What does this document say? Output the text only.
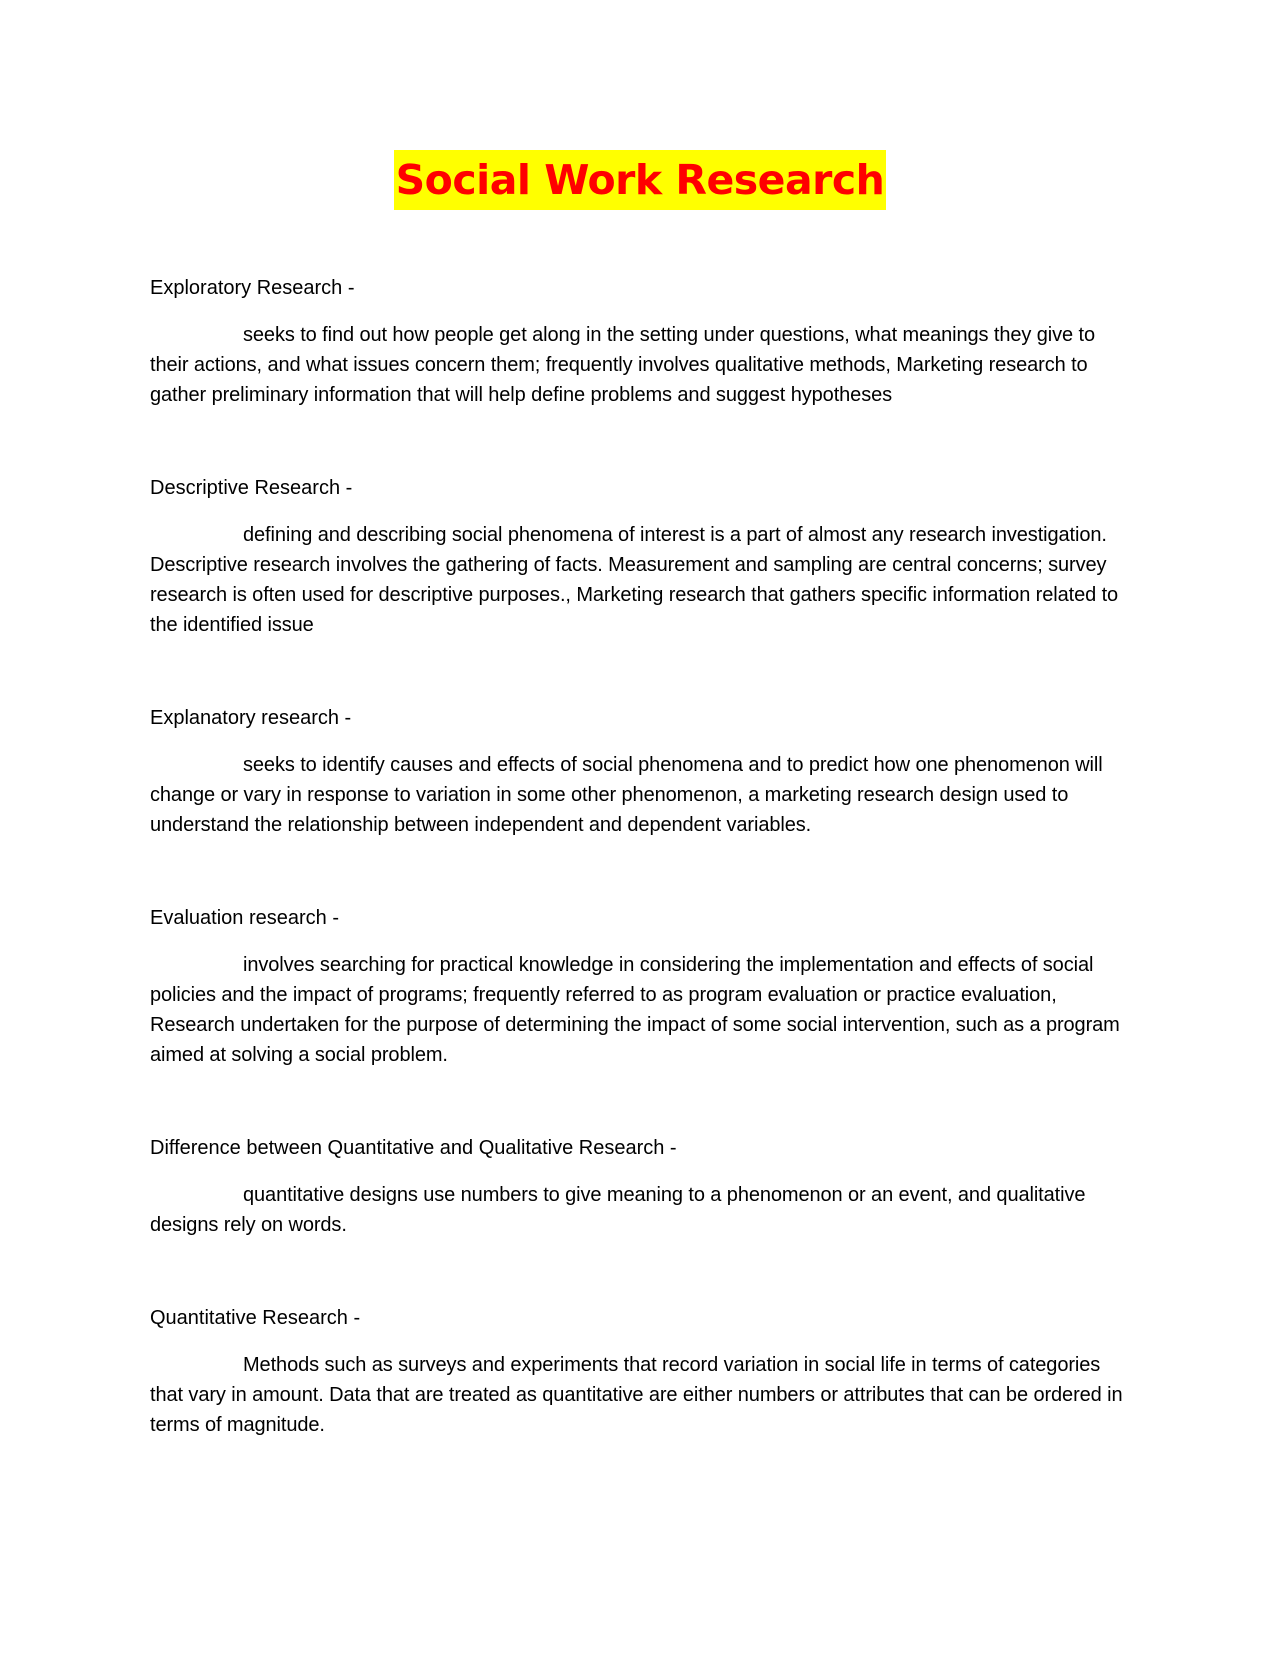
Social Work Research

Exploratory Research -

seeks to find out how people get along in the setting under questions, what meanings they give to their actions, and what issues concern them; frequently involves qualitative methods, Marketing research to gather preliminary information that will help define problems and suggest hypotheses

Descriptive Research -

defining and describing social phenomena of interest is a part of almost any research investigation. Descriptive research involves the gathering of facts. Measurement and sampling are central concerns; survey research is often used for descriptive purposes., Marketing research that gathers specific information related to the identified issue

Explanatory research -

seeks to identify causes and effects of social phenomena and to predict how one phenomenon will change or vary in response to variation in some other phenomenon, a marketing research design used to understand the relationship between independent and dependent variables.

Evaluation research -

involves searching for practical knowledge in considering the implementation and effects of social policies and the impact of programs; frequently referred to as program evaluation or practice evaluation, Research undertaken for the purpose of determining the impact of some social intervention, such as a program aimed at solving a social problem.

Difference between Quantitative and Qualitative Research -

quantitative designs use numbers to give meaning to a phenomenon or an event, and qualitative designs rely on words.

Quantitative Research -

Methods such as surveys and experiments that record variation in social life in terms of categories that vary in amount. Data that are treated as quantitative are either numbers or attributes that can be ordered in terms of magnitude.
